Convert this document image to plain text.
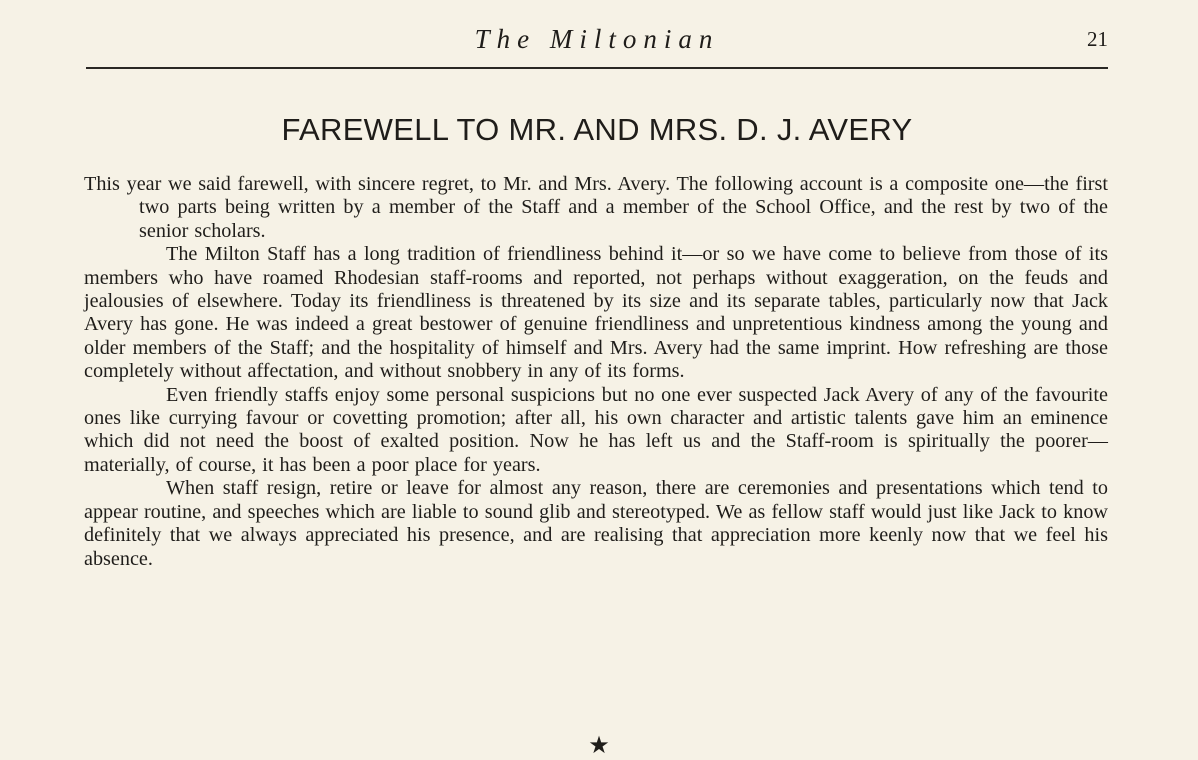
The Miltonian	21
FAREWELL TO MR. AND MRS. D. J. AVERY

This year we said farewell, with sincere regret, to Mr. and Mrs. Avery. The following account is a composite one—the first two parts being written by a member of the Staff and a member of the School Office, and the rest by two of the senior scholars.

The Milton Staff has a long tradition of friendliness behind it—or so we have come to believe from those of its members who have roamed Rhodesian staff-rooms and reported, not perhaps without exaggeration, on the feuds and jealousies of elsewhere. Today its friendliness is threatened by its size and its separate tables, particularly now that Jack Avery has gone. He was indeed a great bestower of genuine friendliness and unpretentious kindness among the young and older members of the Staff; and the hospitality of himself and Mrs. Avery had the same imprint. How refreshing are those completely without affectation, and without snobbery in any of its forms.

Even friendly staffs enjoy some personal suspicions but no one ever suspected Jack Avery of any of the favourite ones like currying favour or covetting promotion; after all, his own character and artistic talents gave him an eminence which did not need the boost of exalted position. Now he has left us and the Staff-room is spiritually the poorer—materially, of course, it has been a poor place for years.

When staff resign, retire or leave for almost any reason, there are ceremonies and presentations which tend to appear routine, and speeches which are liable to sound glib and stereotyped. We as fellow staff would just like Jack to know definitely that we always appreciated his presence, and are realising that appreciation more keenly now that we feel his absence.

★
